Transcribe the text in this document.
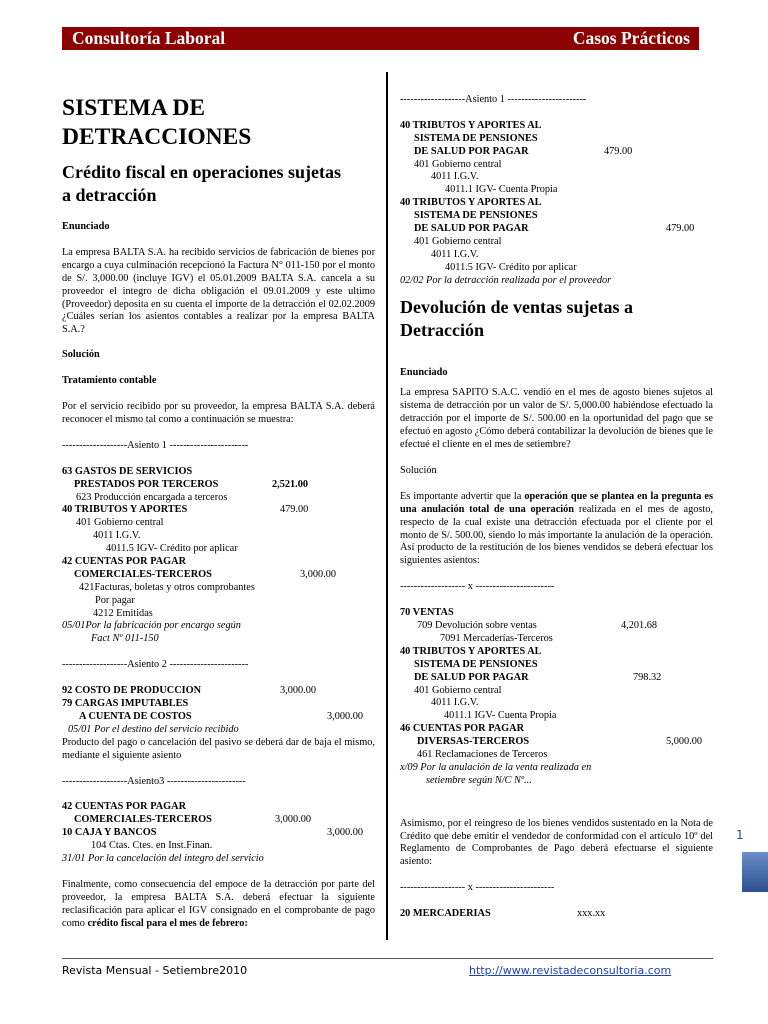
Consultoría Laboral	Casos Prácticos
SISTEMA DE
DETRACCIONES
Crédito fiscal en operaciones sujetas
a detracción

Enunciado

La empresa BALTA S.A. ha recibido servicios de fabricación de bienes por encargo a cuya culminación recepcionó la Factura N° 011-150 por el monto de S/. 3,000.00 (incluye IGV) el 05.01.2009 BALTA S.A. cancela a su proveedor el integro de dicha obligación el 09.01.2009 y este ultimo (Proveedor) deposita en su cuenta el importe de la detracción el 02.02.2009 ¿Cuáles serian los asientos contables a realizar por la empresa BALTA S.A.?

Solución

Tratamiento contable

Por el servicio recibido por su proveedor, la empresa BALTA S.A. deberá reconocer el mismo tal como a continuación se muestra:

-------------------Asiento 1 -----------------------

63 GASTOS DE SERVICIOS
PRESTADOS POR TERCEROS	2,521.00
623 Producción encargada a terceros
40 TRIBUTOS Y APORTES	479.00
401 Gobierno central
4011 I.G.V.
4011.5 IGV- Crédito por aplicar
42 CUENTAS POR PAGAR
COMERCIALES-TERCEROS	3,000.00
421Facturas, boletas y otros comprobantes
Por pagar
4212 Emitidas
05/01Por la fabricación por encargo según
Fact Nº 011-150

-------------------Asiento 2 -----------------------

92 COSTO DE PRODUCCION	3,000.00
79 CARGAS IMPUTABLES
A CUENTA DE COSTOS	3,000.00
05/01 Por el destino del servicio recibido

Producto del pago o cancelación del pasivo se deberá dar de baja el mismo, mediante el siguiente asiento

-------------------Asiento3 -----------------------

42 CUENTAS POR PAGAR
COMERCIALES-TERCEROS	3,000.00
10 CAJA Y BANCOS	3,000.00
104 Ctas. Ctes. en Inst.Finan.
31/01 Por la cancelación del integro del servicio

Finalmente, como consecuencia del empoce de la detracción por parte del proveedor, la empresa BALTA S.A. deberá efectuar la siguiente reclasificación para aplicar el IGV consignado en el comprobante de pago como crédito fiscal para el mes de febrero:

-------------------Asiento 1 -----------------------

40 TRIBUTOS Y APORTES AL
SISTEMA DE PENSIONES
DE SALUD POR PAGAR	479.00
401 Gobierno central
4011 I.G.V.
4011.1 IGV- Cuenta Propia
40 TRIBUTOS Y APORTES AL
SISTEMA DE PENSIONES
DE SALUD POR PAGAR	479.00
401 Gobierno central
4011 I.G.V.
4011.5 IGV- Crédito por aplicar
02/02 Por la detracción realizada por el proveedor
Devolución de ventas sujetas a
Detracción

Enunciado

La empresa SAPITO S.A.C. vendió en el mes de agosto bienes sujetos al sistema de detracción por un valor de S/. 5,000.00 habiéndose efectuado la detracción por el importe de S/. 500.00 en la oportunidad del pago que se efectuó en agosto ¿Cómo deberá contabilizar la devolución de bienes que le efectué el cliente en el mes de setiembre?

Solución

Es importante advertir que la operación que se plantea en la pregunta es una anulación total de una operación realizada en el mes de agosto, respecto de la cual existe una detracción efectuada por el cliente por el monto de S/. 500.00, siendo lo más importante la anulación de la operación. Así producto de la restitución de los bienes vendidos se deberá efectuar los siguientes asientos:

------------------- x -----------------------

70 VENTAS
709 Devolución sobre ventas	4,201.68
7091 Mercaderías-Terceros
40 TRIBUTOS Y APORTES AL
SISTEMA DE PENSIONES
DE SALUD POR PAGAR	798.32
401 Gobierno central
4011 I.G.V.
4011.1 IGV- Cuenta Propia
46 CUENTAS POR PAGAR
DIVERSAS-TERCEROS	5,000.00
461 Reclamaciones de Terceros
x/09 Por la anulación de la venta realizada en
setiembre según N/C Nº...

Asimismo, por el reingreso de los bienes vendidos sustentado en la Nota de Crédito que debe emitir el vendedor de conformidad con el artículo 10º del Reglamento de Comprobantes de Pago deberá efectuarse el siguiente asiento:

------------------- x -----------------------

20 MERCADERIAS	xxx.xx
1
Revista Mensual - Setiembre2010	http://www.revistadeconsultoria.com
